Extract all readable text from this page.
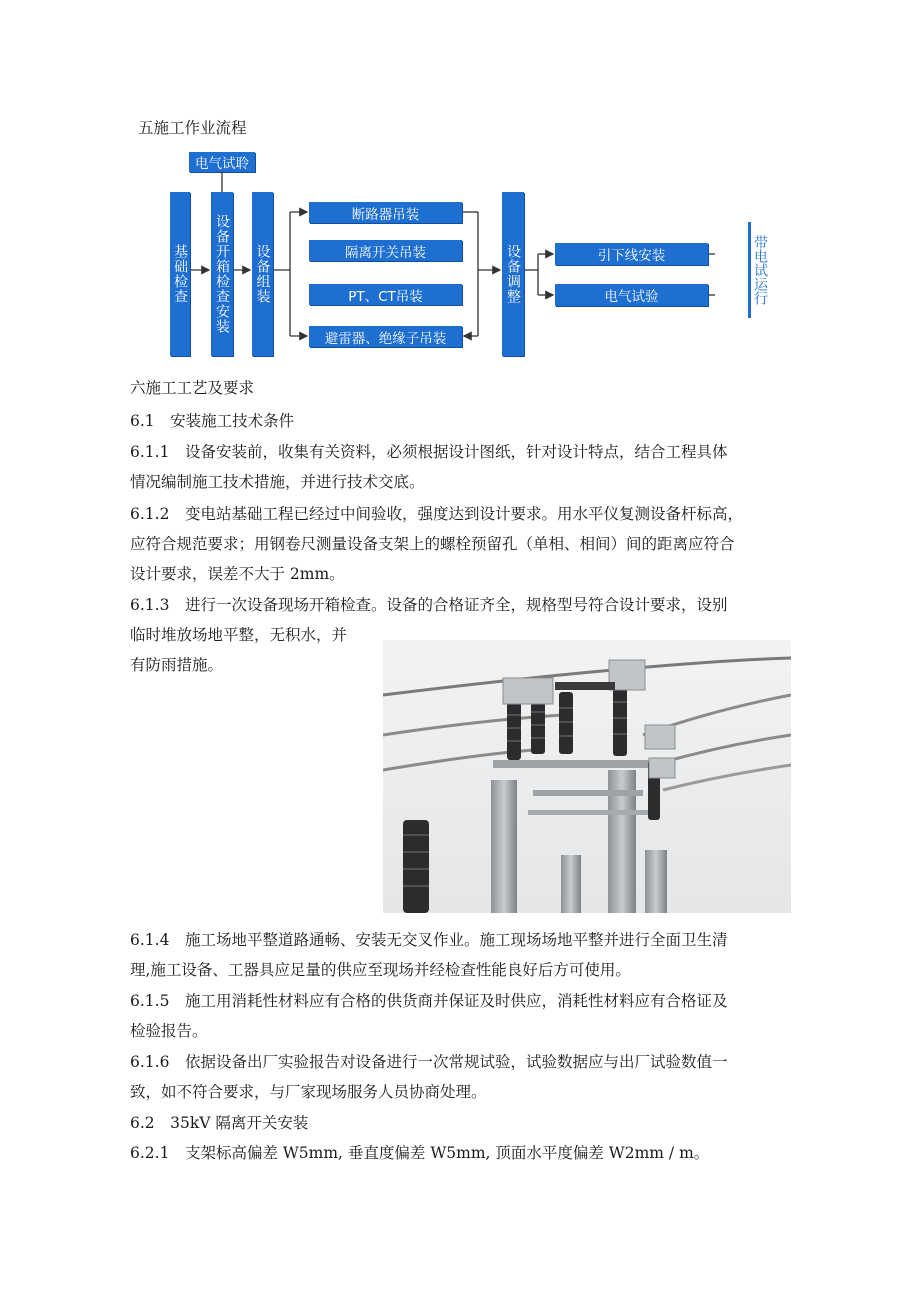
五施工作业流程
电气试聆
基础检查 设备开箱检查安装 设备组装
断路器吊装
隔离开关吊装
PT、CT吊装
避雷器、绝缘子吊装
设备调整	引下线安装
电气试验	带电试运行
六施工工艺及要求
6.1　安装施工技术条件
6.1.1　设备安装前，收集有关资料，必须根据设计图纸，针对设计特点，结合工程具体
情况编制施工技术措施，并进行技术交底。
6.1.2　变电站基础工程已经过中间验收，强度达到设计要求。用水平仪复测设备杆标高，
应符合规范要求；用钢卷尺测量设备支架上的螺栓预留孔（单相、相间）间的距离应符合
设计要求，误差不大于 2mm。
6.1.3　进行一次设备现场开箱检查。设备的合格证齐全，规格型号符合设计要求，设别
临时堆放场地平整，无积水，并
有防雨措施。
6.1.4　施工场地平整道路通畅、安装无交叉作业。施工现场场地平整并进行全面卫生清
理,施工设备、工器具应足量的供应至现场并经检查性能良好后方可使用。
6.1.5　施工用消耗性材料应有合格的供货商并保证及时供应，消耗性材料应有合格证及
检验报告。
6.1.6　依据设备出厂实验报告对设备进行一次常规试验，试验数据应与出厂试验数值一
致，如不符合要求，与厂家现场服务人员协商处理。
6.2　35kV 隔离开关安装
6.2.1　支架标高偏差 W5mm, 垂直度偏差 W5mm, 顶面水平度偏差 W2mm / m。
